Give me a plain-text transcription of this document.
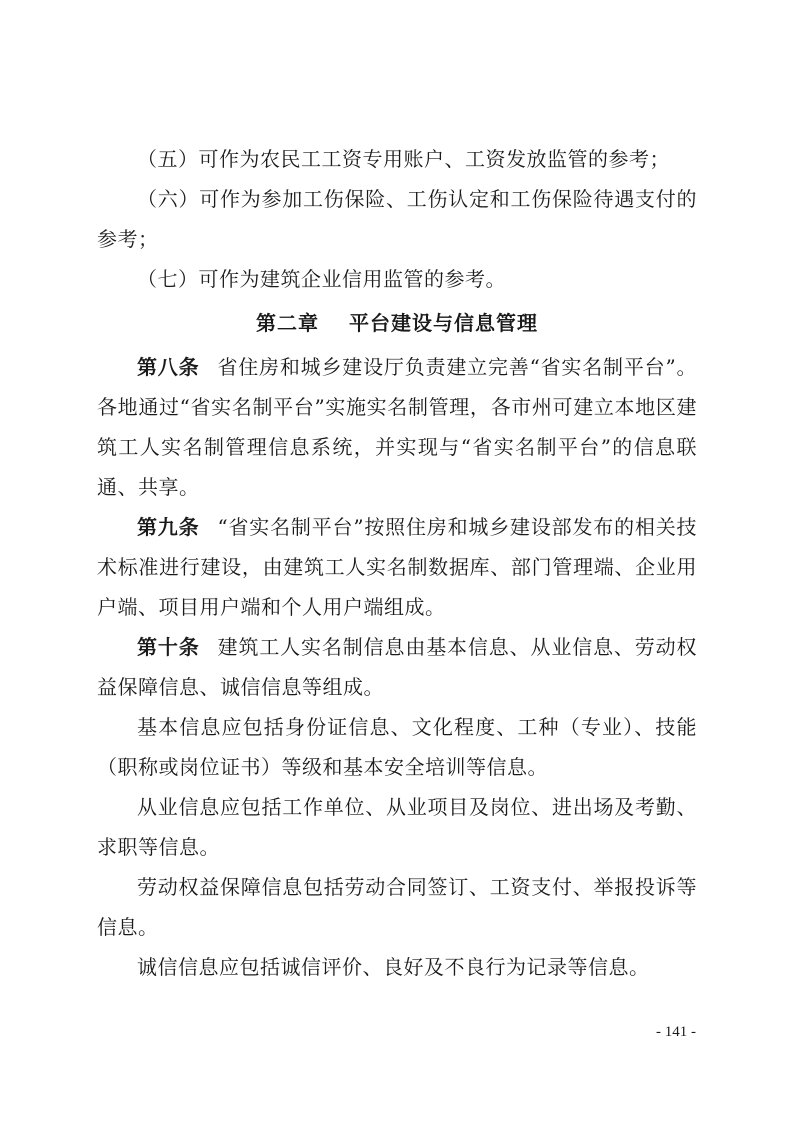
（五）可作为农民工工资专用账户、工资发放监管的参考；

（六）可作为参加工伤保险、工伤认定和工伤保险待遇支付的参考；

（七）可作为建筑企业信用监管的参考。

第二章 平台建设与信息管理

第八条 省住房和城乡建设厅负责建立完善“省实名制平台”。各地通过“省实名制平台”实施实名制管理，各市州可建立本地区建筑工人实名制管理信息系统，并实现与“省实名制平台”的信息联通、共享。

第九条 “省实名制平台”按照住房和城乡建设部发布的相关技术标准进行建设，由建筑工人实名制数据库、部门管理端、企业用户端、项目用户端和个人用户端组成。

第十条 建筑工人实名制信息由基本信息、从业信息、劳动权益保障信息、诚信信息等组成。

基本信息应包括身份证信息、文化程度、工种（专业）、技能（职称或岗位证书）等级和基本安全培训等信息。

从业信息应包括工作单位、从业项目及岗位、进出场及考勤、求职等信息。

劳动权益保障信息包括劳动合同签订、工资支付、举报投诉等信息。

诚信信息应包括诚信评价、良好及不良行为记录等信息。

- 141 -
